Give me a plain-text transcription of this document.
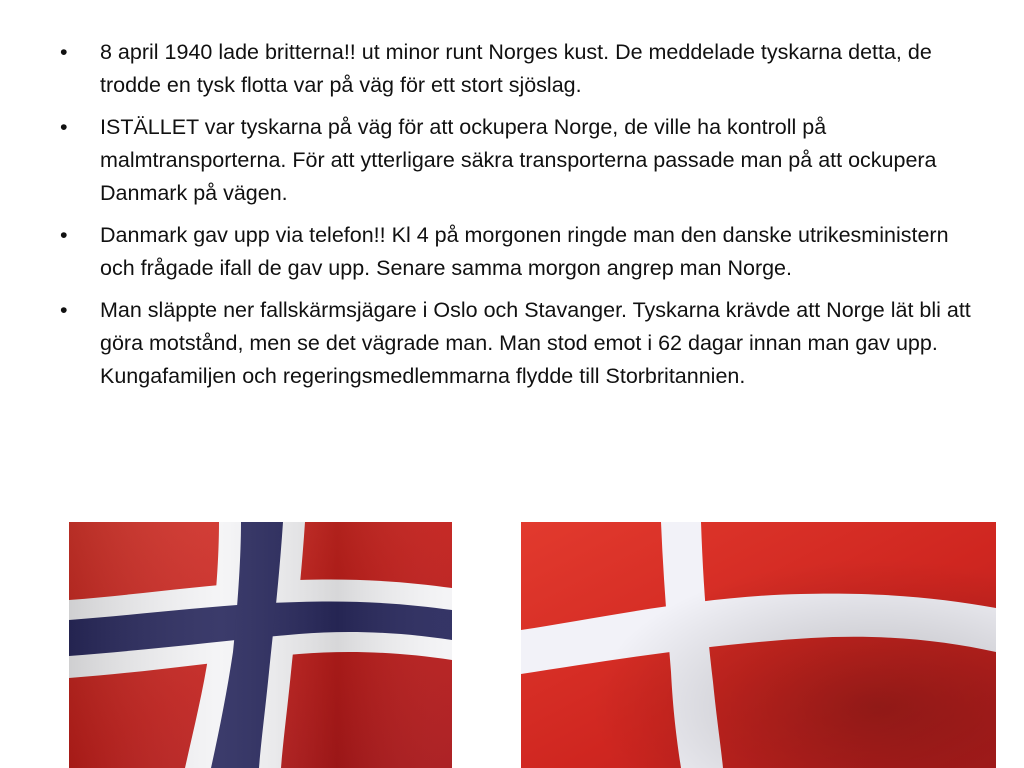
•	8 april 1940 lade britterna!! ut minor runt Norges kust. De meddelade tyskarna detta, de trodde en tysk flotta var på väg för ett stort sjöslag.
•	ISTÄLLET var tyskarna på väg för att ockupera Norge, de ville ha kontroll på malmtransporterna. För att ytterligare säkra transporterna passade man på att ockupera Danmark på vägen.
•	Danmark gav upp via telefon!! Kl 4 på morgonen ringde man den danske utrikesministern och frågade ifall de gav upp. Senare samma morgon angrep man Norge.
•	Man släppte ner fallskärmsjägare i Oslo och Stavanger. Tyskarna krävde att Norge lät bli att göra motstånd, men se det vägrade man. Man stod emot i 62 dagar innan man gav upp. Kungafamiljen och regeringsmedlemmarna flydde till Storbritannien.
